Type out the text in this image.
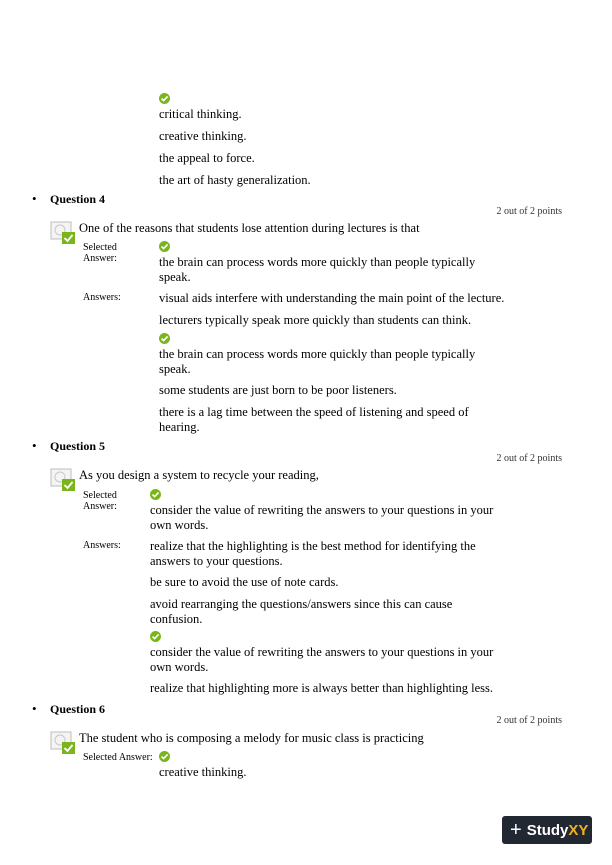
critical thinking.
creative thinking.
the appeal to force.
the art of hasty generalization.
• Question 4
2 out of 2 points
One of the reasons that students lose attention during lectures is that
Selected
Answer:	the brain can process words more quickly than people typically
speak.
Answers:	visual aids interfere with understanding the main point of the lecture.
lecturers typically speak more quickly than students can think.
the brain can process words more quickly than people typically
speak.
some students are just born to be poor listeners.
there is a lag time between the speed of listening and speed of
hearing.
• Question 5
2 out of 2 points
As you design a system to recycle your reading,
Selected
Answer:	consider the value of rewriting the answers to your questions in your
own words.
Answers: realize that the highlighting is the best method for identifying the
answers to your questions.
be sure to avoid the use of note cards.
avoid rearranging the questions/answers since this can cause
confusion.
consider the value of rewriting the answers to your questions in your
own words.
realize that highlighting more is always better than highlighting less.
• Question 6
2 out of 2 points
The student who is composing a melody for music class is practicing
Selected Answer:
creative thinking.
+ Study XY
